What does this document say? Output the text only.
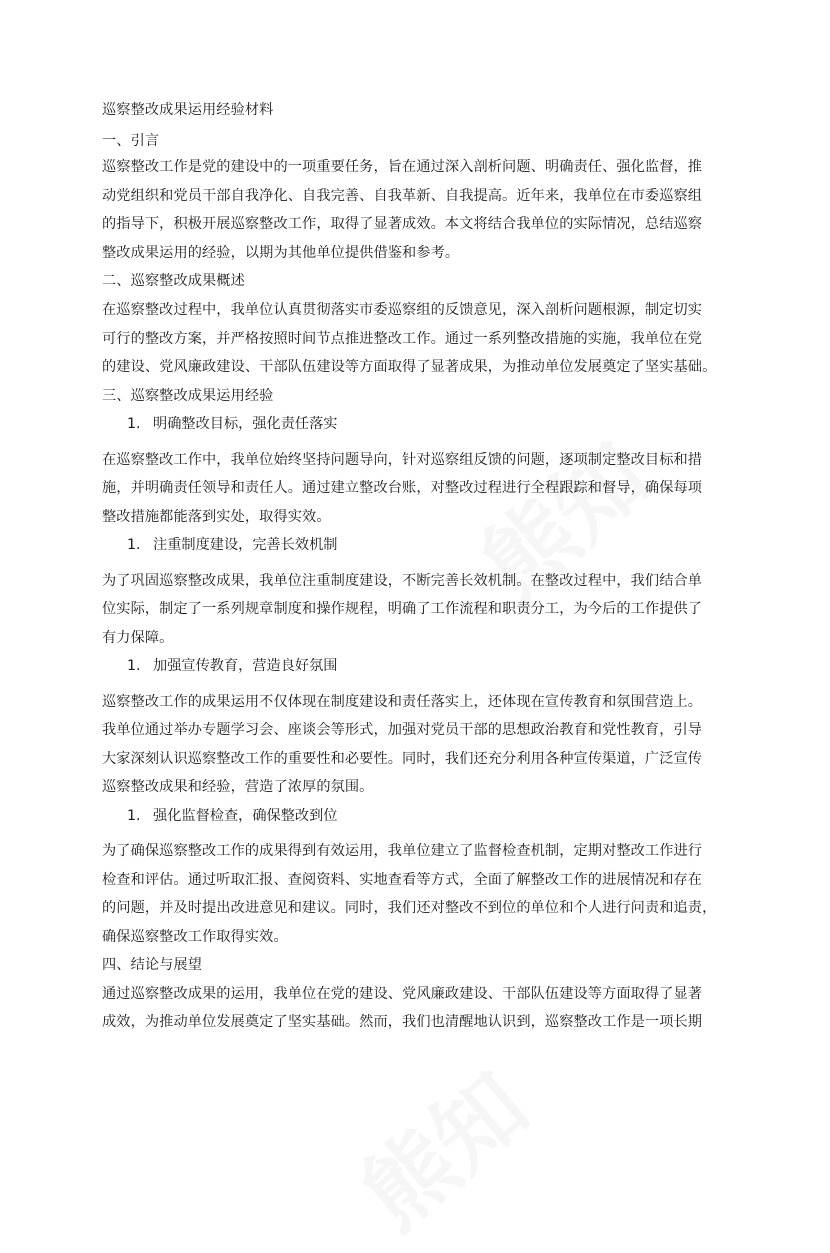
巡察整改成果运用经验材料
一、引言
巡察整改工作是党的建设中的一项重要任务，旨在通过深入剖析问题、明确责任、强化监督，推
动党组织和党员干部自我净化、自我完善、自我革新、自我提高。近年来，我单位在市委巡察组
的指导下，积极开展巡察整改工作，取得了显著成效。本文将结合我单位的实际情况，总结巡察
整改成果运用的经验，以期为其他单位提供借鉴和参考。
二、巡察整改成果概述
在巡察整改过程中，我单位认真贯彻落实市委巡察组的反馈意见，深入剖析问题根源，制定切实
可行的整改方案，并严格按照时间节点推进整改工作。通过一系列整改措施的实施，我单位在党
的建设、党风廉政建设、干部队伍建设等方面取得了显著成果，为推动单位发展奠定了坚实基础。
三、巡察整改成果运用经验
1. 明确整改目标，强化责任落实
在巡察整改工作中，我单位始终坚持问题导向，针对巡察组反馈的问题，逐项制定整改目标和措
施，并明确责任领导和责任人。通过建立整改台账，对整改过程进行全程跟踪和督导，确保每项
整改措施都能落到实处，取得实效。
1. 注重制度建设，完善长效机制
为了巩固巡察整改成果，我单位注重制度建设，不断完善长效机制。在整改过程中，我们结合单
位实际，制定了一系列规章制度和操作规程，明确了工作流程和职责分工，为今后的工作提供了
有力保障。
1. 加强宣传教育，营造良好氛围
巡察整改工作的成果运用不仅体现在制度建设和责任落实上，还体现在宣传教育和氛围营造上。
我单位通过举办专题学习会、座谈会等形式，加强对党员干部的思想政治教育和党性教育，引导
大家深刻认识巡察整改工作的重要性和必要性。同时，我们还充分利用各种宣传渠道，广泛宣传
巡察整改成果和经验，营造了浓厚的氛围。
1. 强化监督检查，确保整改到位
为了确保巡察整改工作的成果得到有效运用，我单位建立了监督检查机制，定期对整改工作进行
检查和评估。通过听取汇报、查阅资料、实地查看等方式，全面了解整改工作的进展情况和存在
的问题，并及时提出改进意见和建议。同时，我们还对整改不到位的单位和个人进行问责和追责，
确保巡察整改工作取得实效。
四、结论与展望
通过巡察整改成果的运用，我单位在党的建设、党风廉政建设、干部队伍建设等方面取得了显著
成效，为推动单位发展奠定了坚实基础。然而，我们也清醒地认识到，巡察整改工作是一项长期
